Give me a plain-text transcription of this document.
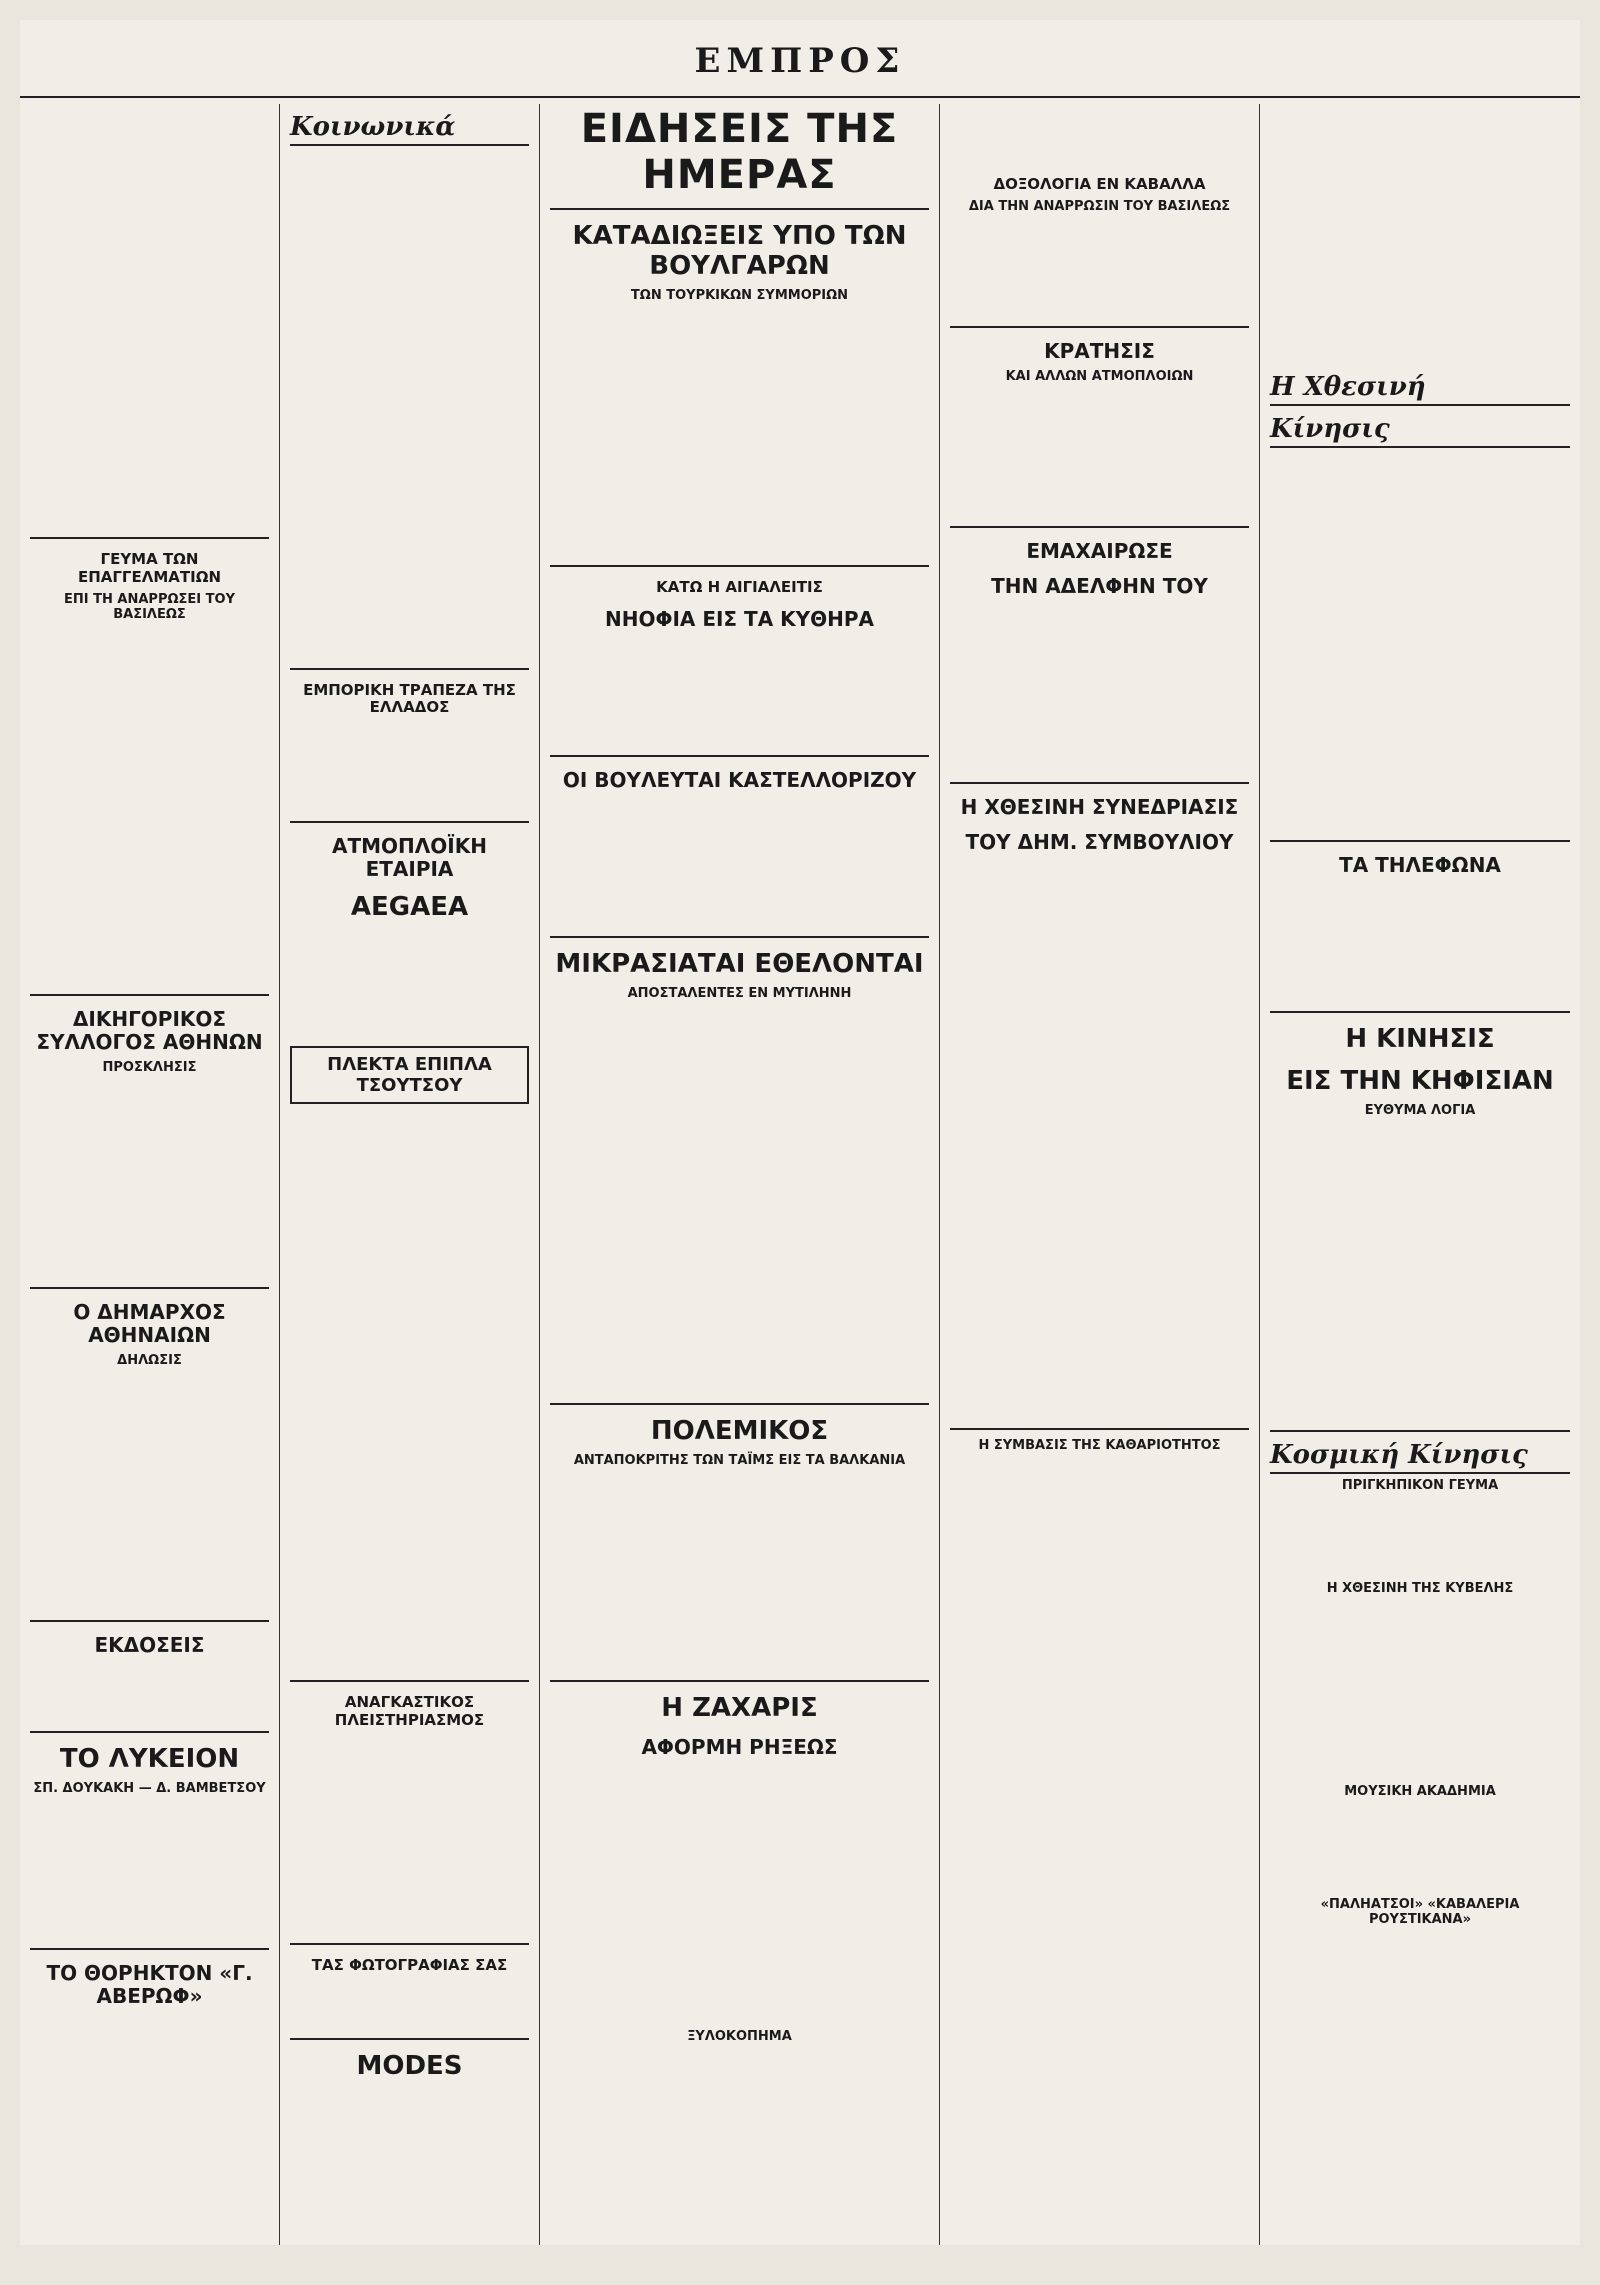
ΕΜΠΡΟΣ

ΓΕΥΜΑ ΤΩΝ ΕΠΑΓΓΕΛΜΑΤΙΩΝ
ΕΠΙ ΤΗ ΑΝΑΡΡΩΣΕΙ ΤΟΥ ΒΑΣΙΛΕΩΣ
ΔΙΚΗΓΟΡΙΚΟΣ ΣΥΛΛΟΓΟΣ ΑΘΗΝΩΝ
ΠΡΟΣΚΛΗΣΙΣ
Ο ΔΗΜΑΡΧΟΣ ΑΘΗΝΑΙΩΝ
ΔΗΛΩΣΙΣ
ΕΚΔΟΣΕΙΣ
ΤΟ ΛΥΚΕΙΟΝ
ΣΠ. ΔΟΥΚΑΚΗ — Δ. ΒΑΜΒΕΤΣΟΥ
ΤΟ ΘΟΡΗΚΤΟΝ «Γ. ΑΒΕΡΩΦ»
Κοινωνικά
ΕΜΠΟΡΙΚΗ ΤΡΑΠΕΖΑ ΤΗΣ ΕΛΛΑΔΟΣ
ΑΤΜΟΠΛΟΪΚΗ ΕΤΑΙΡΙΑ
ΑEGAEA
ΠΛΕΚΤΑ ΕΠΙΠΛΑ ΤΣΟΥΤΣΟΥ
ΑΝΑΓΚΑΣΤΙΚΟΣ ΠΛΕΙΣΤΗΡΙΑΣΜΟΣ
ΤΑΣ ΦΩΤΟΓΡΑΦΙΑΣ ΣΑΣ
MODES
ΕΙΔΗΣΕΙΣ ΤΗΣ ΗΜΕΡΑΣ
ΚΑΤΑΔΙΩΞΕΙΣ ΥΠΟ ΤΩΝ ΒΟΥΛΓΑΡΩΝ
ΤΩΝ ΤΟΥΡΚΙΚΩΝ ΣΥΜΜΟΡΙΩΝ
ΚΑΤΩ Η ΑΙΓΙΑΛΕΙΤΙΣ
ΝΗΟΦΙΑ ΕΙΣ ΤΑ ΚΥΘΗΡΑ
ΟΙ ΒΟΥΛΕΥΤΑΙ ΚΑΣΤΕΛΛΟΡΙΖΟΥ
ΜΙΚΡΑΣΙΑΤΑΙ ΕΘΕΛΟΝΤΑΙ
ΑΠΟΣΤΑΛΕΝΤΕΣ ΕΝ ΜΥΤΙΛΗΝΗ
ΠΟΛΕΜΙΚΟΣ
ΑΝΤΑΠΟΚΡΙΤΗΣ ΤΩΝ ΤΑΪΜΣ ΕΙΣ ΤΑ ΒΑΛΚΑΝΙΑ
Η ΖΑΧΑΡΙΣ
ΑΦΟΡΜΗ ΡΗΞΕΩΣ
ΞΥΛΟΚΟΠΗΜΑ
ΔΟΞΟΛΟΓΙΑ ΕΝ ΚΑΒΑΛΛΑ
ΔΙΑ ΤΗΝ ΑΝΑΡΡΩΣΙΝ ΤΟΥ ΒΑΣΙΛΕΩΣ
ΚΡΑΤΗΣΙΣ
ΚΑΙ ΑΛΛΩΝ ΑΤΜΟΠΛΟΙΩΝ
ΕΜΑΧΑΙΡΩΣΕ
ΤΗΝ ΑΔΕΛΦΗΝ ΤΟΥ
Η ΧΘΕΣΙΝΗ ΣΥΝΕΔΡΙΑΣΙΣ
ΤΟΥ ΔΗΜ. ΣΥΜΒΟΥΛΙΟΥ
Η ΣΥΜΒΑΣΙΣ ΤΗΣ ΚΑΘΑΡΙΟΤΗΤΟΣ
Η Χθεσινή
Κίνησις
ΤΑ ΤΗΛΕΦΩΝΑ
Η ΚΙΝΗΣΙΣ
ΕΙΣ ΤΗΝ ΚΗΦΙΣΙΑΝ
ΕΥΘΥΜΑ ΛΟΓΙΑ
Κοσμική Κίνησις
ΠΡΙΓΚΗΠΙΚΟΝ ΓΕΥΜΑ
Η ΧΘΕΣΙΝΗ ΤΗΣ ΚΥΒΕΛΗΣ
ΜΟΥΣΙΚΗ ΑΚΑΔΗΜΙΑ
«ΠΑΛΗΑΤΣΟΙ» «ΚΑΒΑΛΕΡΙΑ ΡΟΥΣΤΙΚΑΝΑ»
